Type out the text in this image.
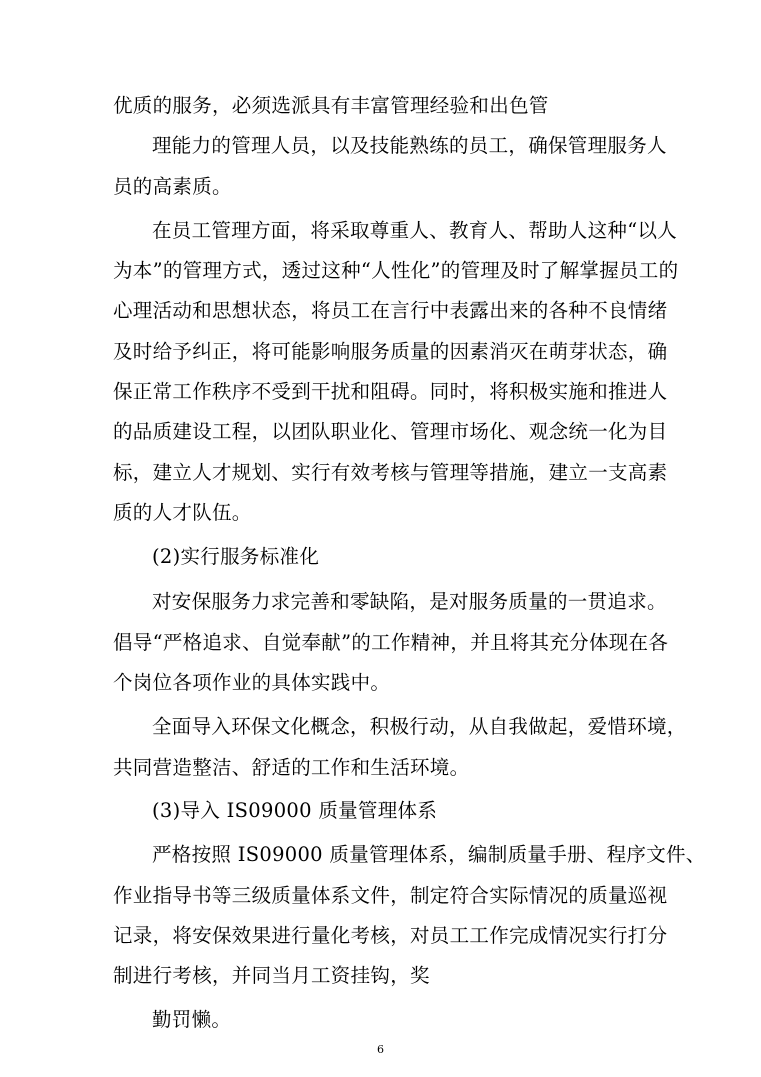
优质的服务，必须选派具有丰富管理经验和出色管
理能力的管理人员，以及技能熟练的员工，确保管理服务人
员的高素质。
在员工管理方面，将采取尊重人、教育人、帮助人这种“以人
为本”的管理方式，透过这种“人性化”的管理及时了解掌握员工的
心理活动和思想状态，将员工在言行中表露出来的各种不良情绪
及时给予纠正，将可能影响服务质量的因素消灭在萌芽状态，确
保正常工作秩序不受到干扰和阻碍。同时，将积极实施和推进人
的品质建设工程，以团队职业化、管理市场化、观念统一化为目
标，建立人才规划、实行有效考核与管理等措施，建立一支高素
质的人才队伍。
(2)实行服务标准化
对安保服务力求完善和零缺陷，是对服务质量的一贯追求。
倡导“严格追求、自觉奉献”的工作精神，并且将其充分体现在各
个岗位各项作业的具体实践中。
全面导入环保文化概念，积极行动，从自我做起，爱惜环境，
共同营造整洁、舒适的工作和生活环境。
(3)导入 IS09000 质量管理体系
严格按照 IS09000 质量管理体系，编制质量手册、程序文件、
作业指导书等三级质量体系文件，制定符合实际情况的质量巡视
记录，将安保效果进行量化考核，对员工工作完成情况实行打分
制进行考核，并同当月工资挂钩，奖
勤罚懒。
6
